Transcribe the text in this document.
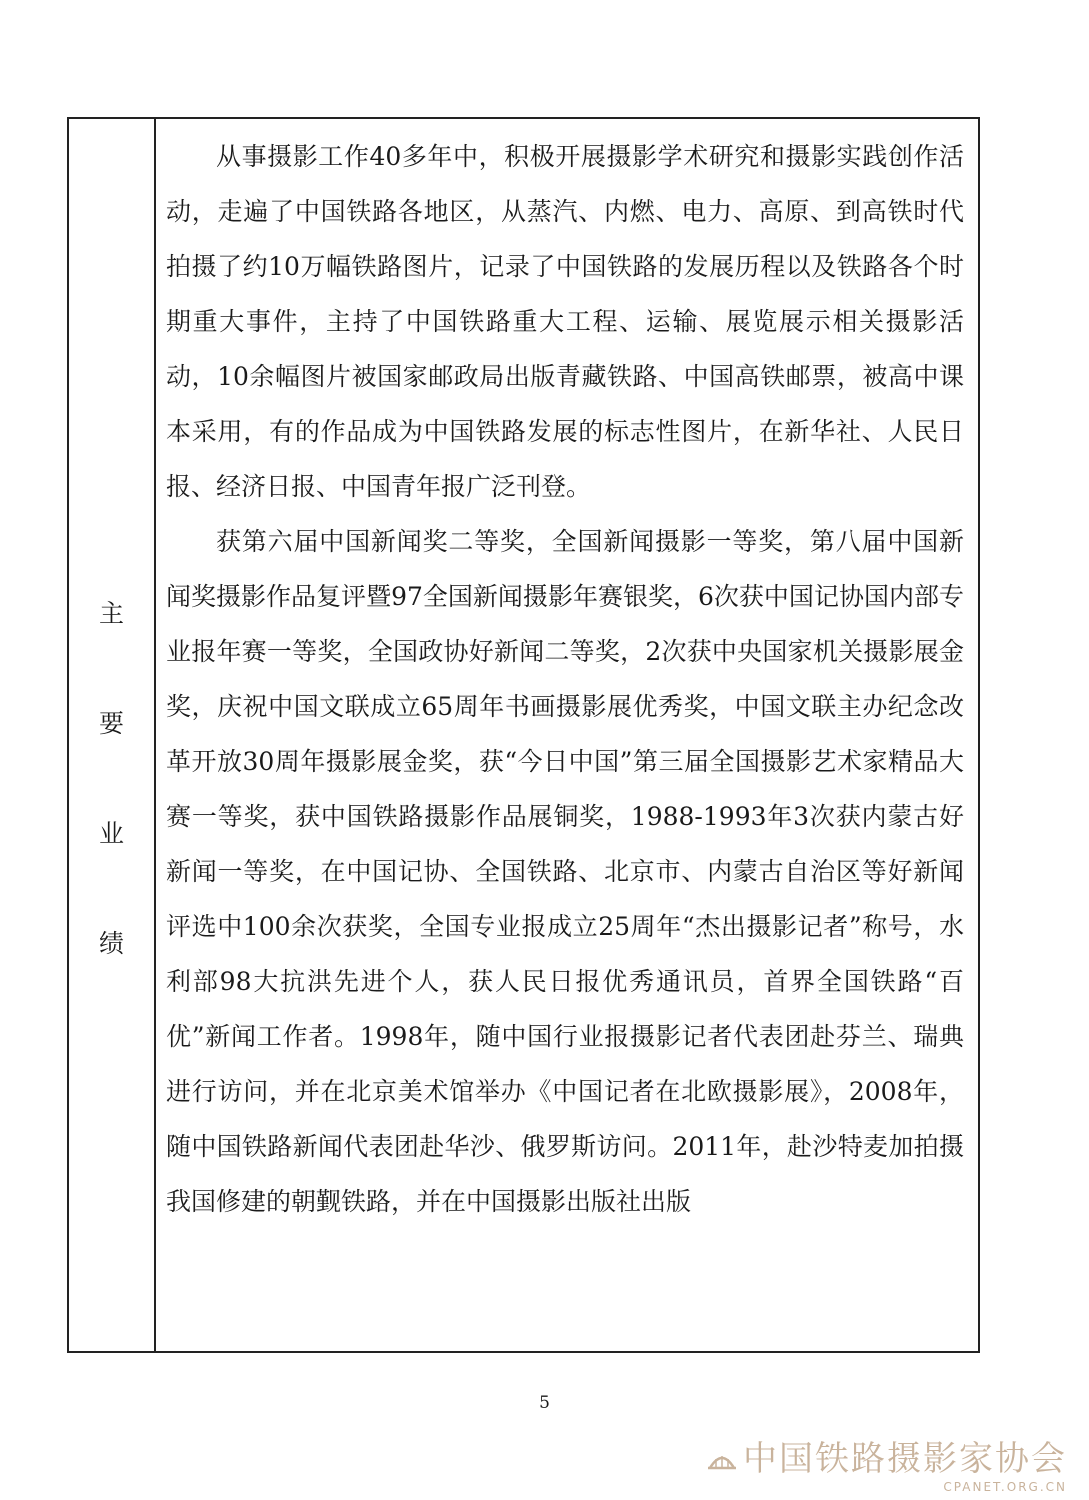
主
要
业
绩

从事摄影工作40多年中，积极开展摄影学术研究和摄影实践创作活动，走遍了中国铁路各地区，从蒸汽、内燃、电力、高原、到高铁时代拍摄了约10万幅铁路图片，记录了中国铁路的发展历程以及铁路各个时期重大事件，主持了中国铁路重大工程、运输、展览展示相关摄影活动，10余幅图片被国家邮政局出版青藏铁路、中国高铁邮票，被高中课本采用，有的作品成为中国铁路发展的标志性图片，在新华社、人民日报、经济日报、中国青年报广泛刊登。

获第六届中国新闻奖二等奖，全国新闻摄影一等奖，第八届中国新闻奖摄影作品复评暨97全国新闻摄影年赛银奖，6次获中国记协国内部专业报年赛一等奖，全国政协好新闻二等奖，2次获中央国家机关摄影展金奖，庆祝中国文联成立65周年书画摄影展优秀奖，中国文联主办纪念改革开放30周年摄影展金奖，获“今日中国”第三届全国摄影艺术家精品大赛一等奖，获中国铁路摄影作品展铜奖，1988-1993年3次获内蒙古好新闻一等奖，在中国记协、全国铁路、北京市、内蒙古自治区等好新闻评选中100余次获奖，全国专业报成立25周年“杰出摄影记者”称号，水利部98大抗洪先进个人，获人民日报优秀通讯员，首界全国铁路“百优”新闻工作者。1998年，随中国行业报摄影记者代表团赴芬兰、瑞典进行访问，并在北京美术馆举办《中国记者在北欧摄影展》，2008年，随中国铁路新闻代表团赴华沙、俄罗斯访问。2011年，赴沙特麦加拍摄我国修建的朝觐铁路，并在中国摄影出版社出版

5
中国铁路摄影家协会
CPANET.ORG.CN
